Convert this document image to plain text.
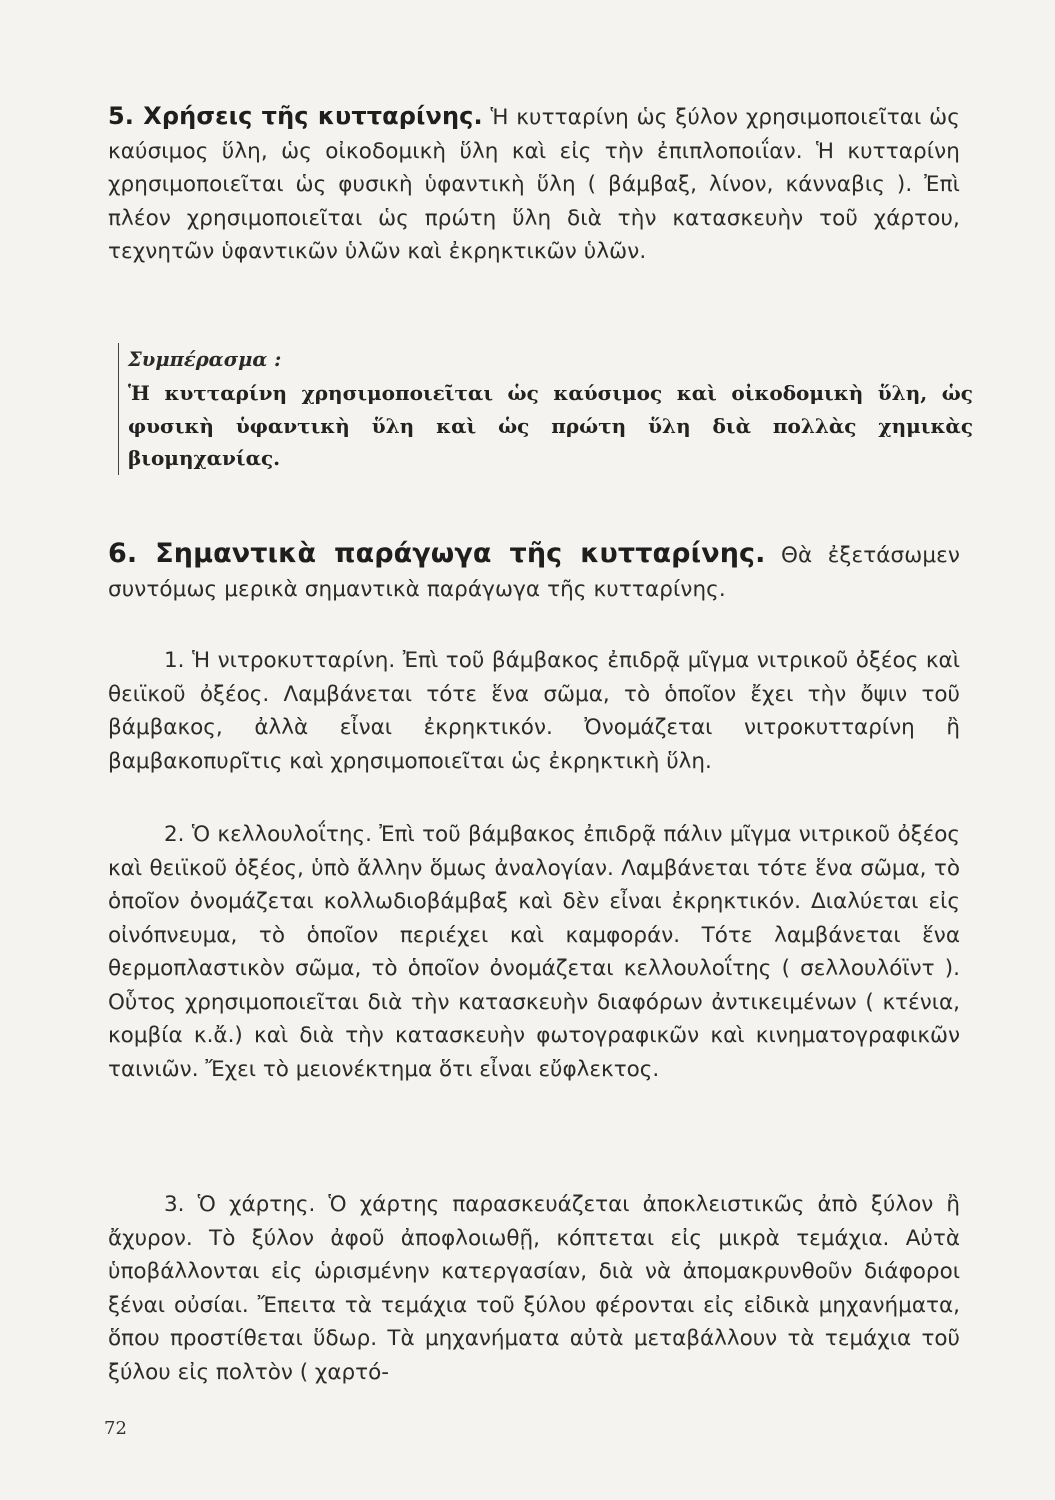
5. Χρήσεις τῆς κυτταρίνης. Ἡ κυτταρίνη ὡς ξύλον χρησιμοποιεῖται ὡς καύσιμος ὕλη, ὡς οἰκοδομικὴ ὕλη καὶ εἰς τὴν ἐπιπλοποιΐαν. Ἡ κυτταρίνη χρησιμοποιεῖται ὡς φυσικὴ ὑφαντικὴ ὕλη ( βάμβαξ, λίνον, κάνναβις ). Ἐπὶ πλέον χρησιμοποιεῖται ὡς πρώτη ὕλη διὰ τὴν κατασκευὴν τοῦ χάρτου, τεχνητῶν ὑφαντικῶν ὑλῶν καὶ ἐκρηκτικῶν ὑλῶν.
Συμπέρασμα :
Ἡ κυτταρίνη χρησιμοποιεῖται ὡς καύσιμος καὶ οἰκοδομικὴ ὕλη, ὡς φυσικὴ ὑφαντικὴ ὕλη καὶ ὡς πρώτη ὕλη διὰ πολλὰς χημικὰς βιομηχανίας.
6. Σημαντικὰ παράγωγα τῆς κυτταρίνης. Θὰ ἐξετάσωμεν συντόμως μερικὰ σημαντικὰ παράγωγα τῆς κυτταρίνης.
1. Ἡ νιτροκυτταρίνη. Ἐπὶ τοῦ βάμβακος ἐπιδρᾷ μῖγμα νιτρικοῦ ὀξέος καὶ θειϊκοῦ ὀξέος. Λαμβάνεται τότε ἕνα σῶμα, τὸ ὁποῖον ἔχει τὴν ὄψιν τοῦ βάμβακος, ἀλλὰ εἶναι ἐκρηκτικόν. Ὀνομάζεται νιτροκυτταρίνη ἢ βαμβακοπυρῖτις καὶ χρησιμοποιεῖται ὡς ἐκρηκτικὴ ὕλη.
2. Ὁ κελλουλοΐτης. Ἐπὶ τοῦ βάμβακος ἐπιδρᾷ πάλιν μῖγμα νιτρικοῦ ὀξέος καὶ θειϊκοῦ ὀξέος, ὑπὸ ἄλλην ὅμως ἀναλογίαν. Λαμβάνεται τότε ἕνα σῶμα, τὸ ὁποῖον ὀνομάζεται κολλωδιοβάμβαξ καὶ δὲν εἶναι ἐκρηκτικόν. Διαλύεται εἰς οἰνόπνευμα, τὸ ὁποῖον περιέχει καὶ καμφοράν. Τότε λαμβάνεται ἕνα θερμοπλαστικὸν σῶμα, τὸ ὁποῖον ὀνομάζεται κελλουλοΐτης ( σελλουλόϊντ ). Οὗτος χρησιμοποιεῖται διὰ τὴν κατασκευὴν διαφόρων ἀντικειμένων ( κτένια, κομβία κ.ἄ.) καὶ διὰ τὴν κατασκευὴν φωτογραφικῶν καὶ κινηματογραφικῶν ταινιῶν. Ἔχει τὸ μειονέκτημα ὅτι εἶναι εὔφλεκτος.
3. Ὁ χάρτης. Ὁ χάρτης παρασκευάζεται ἀποκλειστικῶς ἀπὸ ξύλον ἢ ἄχυρον. Τὸ ξύλον ἀφοῦ ἀποφλοιωθῇ, κόπτεται εἰς μικρὰ τεμάχια. Αὐτὰ ὑποβάλλονται εἰς ὡρισμένην κατεργασίαν, διὰ νὰ ἀπομακρυνθοῦν διάφοροι ξέναι οὐσίαι. Ἔπειτα τὰ τεμάχια τοῦ ξύλου φέρονται εἰς εἰδικὰ μηχανήματα, ὅπου προστίθεται ὕδωρ. Τὰ μηχανήματα αὐτὰ μεταβάλλουν τὰ τεμάχια τοῦ ξύλου εἰς πολτὸν ( χαρτό-
72
